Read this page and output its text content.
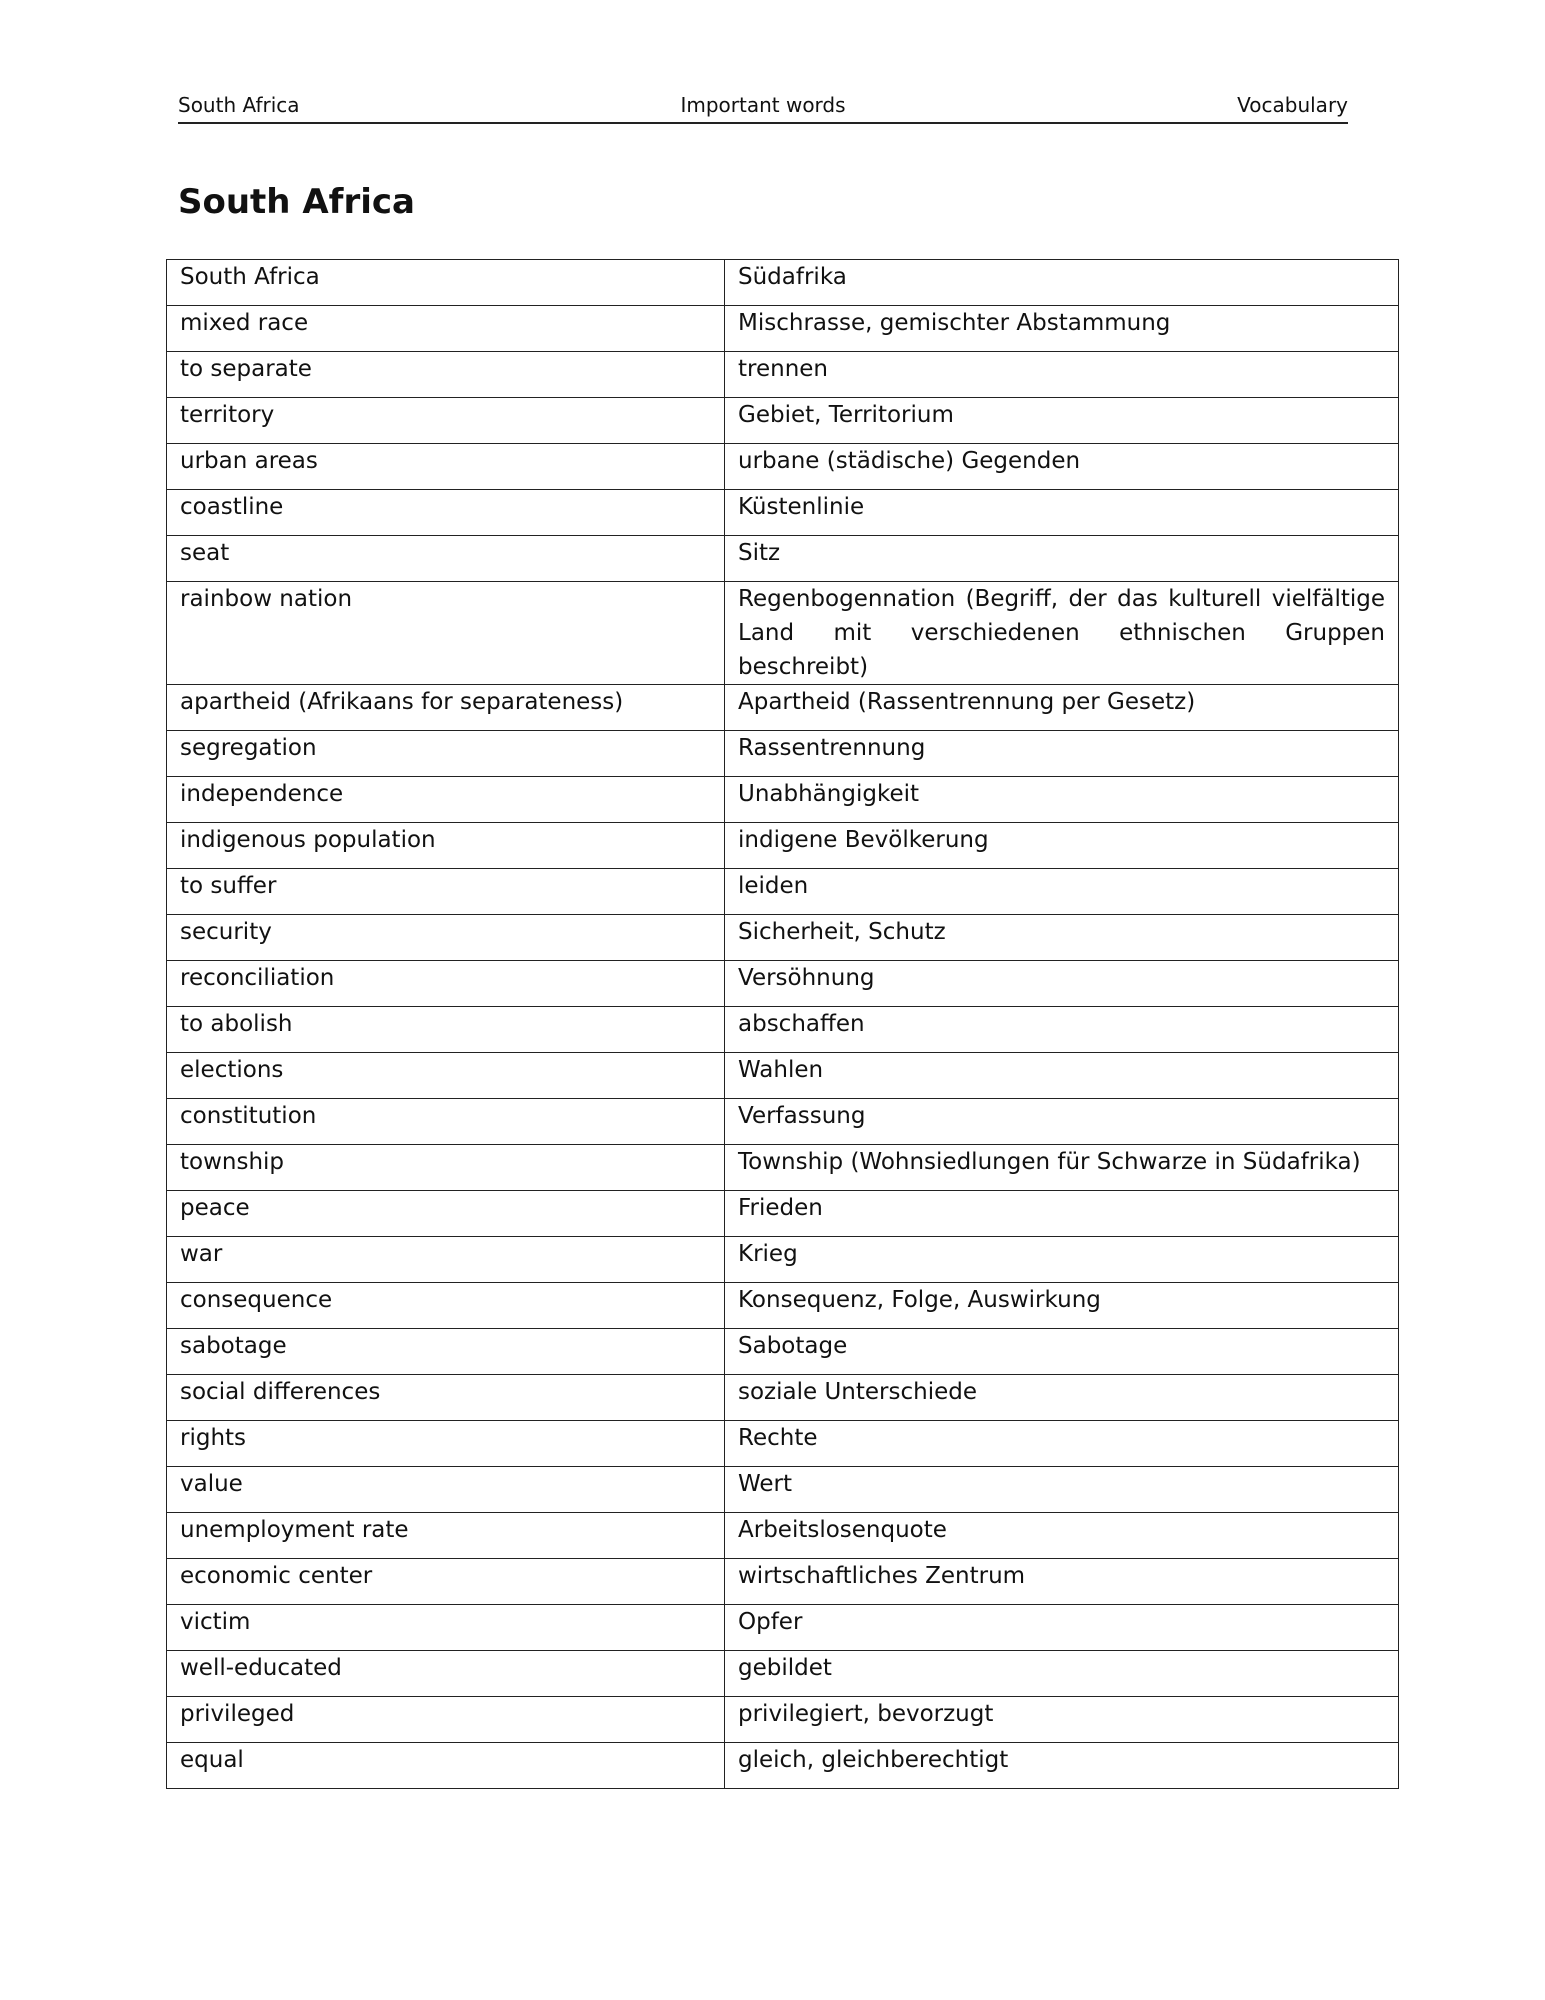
Important words
South Africa	Vocabulary
South Africa
South Africa	Südafrika
mixed race	Mischrasse, gemischter Abstammung
to separate	trennen
territory	Gebiet, Territorium
urban areas	urbane (städische) Gegenden
coastline	Küstenlinie
seat	Sitz
rainbow nation	Regenbogennation (Begriff, der das kulturell vielfältige Land mit verschiedenen ethnischen Gruppen beschreibt)
apartheid (Afrikaans for separateness)	Apartheid (Rassentrennung per Gesetz)
segregation	Rassentrennung
independence	Unabhängigkeit
indigenous population	indigene Bevölkerung
to suffer	leiden
security	Sicherheit, Schutz
reconciliation	Versöhnung
to abolish	abschaffen
elections	Wahlen
constitution	Verfassung
township	Township (Wohnsiedlungen für Schwarze in Südafrika)
peace	Frieden
war	Krieg
consequence	Konsequenz, Folge, Auswirkung
sabotage	Sabotage
social differences	soziale Unterschiede
rights	Rechte
value	Wert
unemployment rate	Arbeitslosenquote
economic center	wirtschaftliches Zentrum
victim	Opfer
well-educated	gebildet
privileged	privilegiert, bevorzugt
equal	gleich, gleichberechtigt
